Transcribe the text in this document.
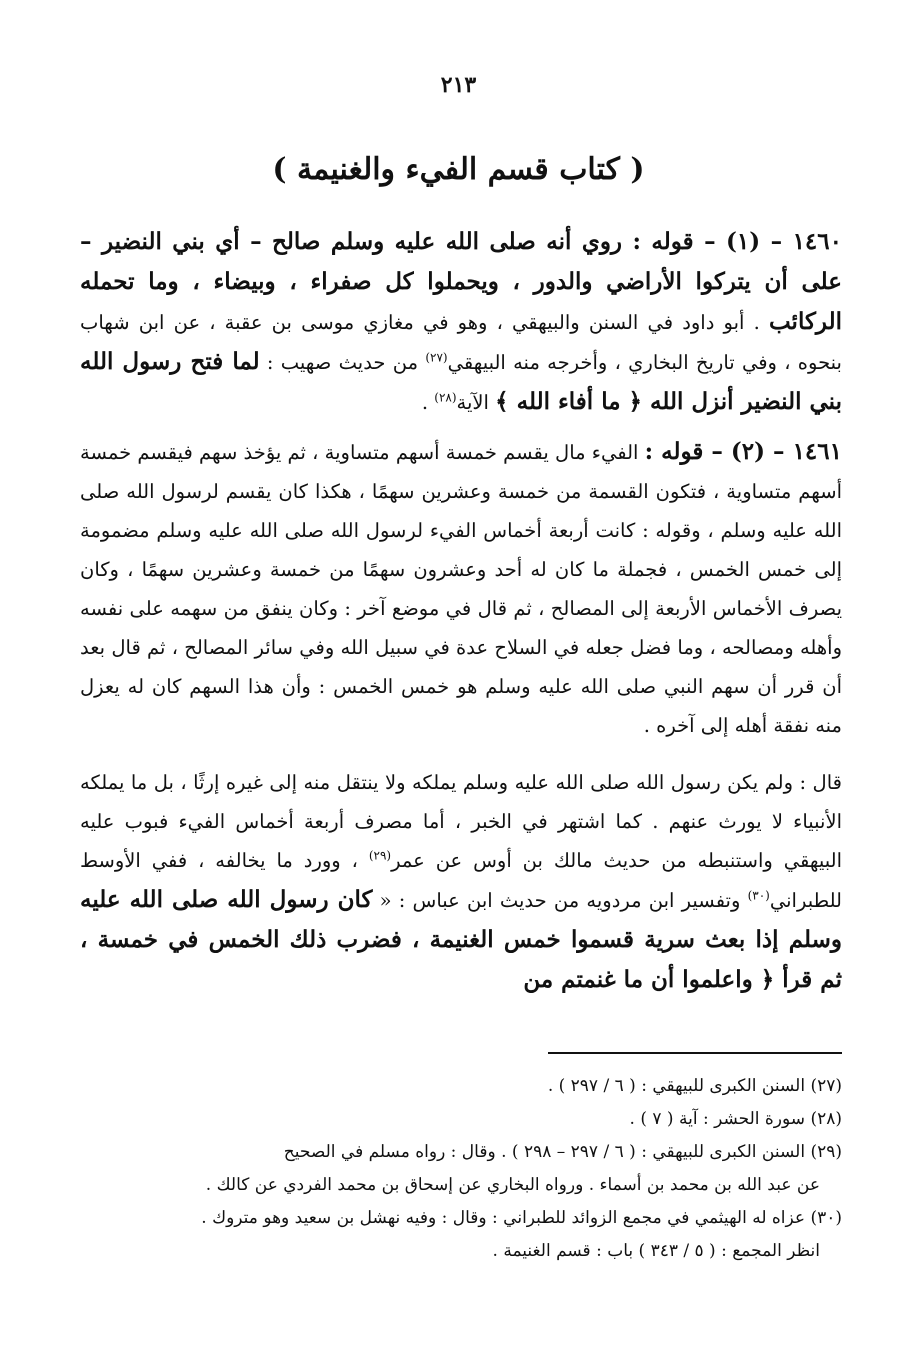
٢١٣
( كتاب قسم الفيء والغنيمة )

١٤٦٠ – (١) – قوله : روي أنه صلى الله عليه وسلم صالح – أي بني النضير – على أن يتركوا الأراضي والدور ، ويحملوا كل صفراء ، وبيضاء ، وما تحمله الركائب . أبو داود في السنن والبيهقي ، وهو في مغازي موسى بن عقبة ، عن ابن شهاب بنحوه ، وفي تاريخ البخاري ، وأخرجه منه البيهقي$^{(٢٧)}$ من حديث صهيب : لما فتح رسول الله بني النضير أنزل الله ﴿ ما أفاء الله ﴾ الآية$^{(٢٨)}$ .

١٤٦١ – (٢) – قوله : الفيء مال يقسم خمسة أسهم متساوية ، ثم يؤخذ سهم فيقسم خمسة أسهم متساوية ، فتكون القسمة من خمسة وعشرين سهمًا ، هكذا كان يقسم لرسول الله صلى الله عليه وسلم ، وقوله : كانت أربعة أخماس الفيء لرسول الله صلى الله عليه وسلم مضمومة إلى خمس الخمس ، فجملة ما كان له أحد وعشرون سهمًا من خمسة وعشرين سهمًا ، وكان يصرف الأخماس الأربعة إلى المصالح ، ثم قال في موضع آخر : وكان ينفق من سهمه على نفسه وأهله ومصالحه ، وما فضل جعله في السلاح عدة في سبيل الله وفي سائر المصالح ، ثم قال بعد أن قرر أن سهم النبي صلى الله عليه وسلم هو خمس الخمس : وأن هذا السهم كان له يعزل منه نفقة أهله إلى آخره .

قال : ولم يكن رسول الله صلى الله عليه وسلم يملكه ولا ينتقل منه إلى غيره إرثًا ، بل ما يملكه الأنبياء لا يورث عنهم . كما اشتهر في الخبر ، أما مصرف أربعة أخماس الفيء فبوب عليه البيهقي واستنبطه من حديث مالك بن أوس عن عمر$^{(٢٩)}$ ، وورد ما يخالفه ، ففي الأوسط للطبراني$^{(٣٠)}$ وتفسير ابن مردويه من حديث ابن عباس : « كان رسول الله صلى الله عليه وسلم إذا بعث سرية قسموا خمس الغنيمة ، فضرب ذلك الخمس في خمسة ، ثم قرأ ﴿ واعلموا أن ما غنمتم من

(٢٧) السنن الكبرى للبيهقي : ( ٦ / ٢٩٧ ) .

(٢٨) سورة الحشر : آية ( ٧ ) .

(٢٩) السنن الكبرى للبيهقي : ( ٦ / ٢٩٧ – ٢٩٨ ) . وقال : رواه مسلم في الصحيح
عن عبد الله بن محمد بن أسماء . ورواه البخاري عن إسحاق بن محمد الفردي عن كالك .

(٣٠) عزاه له الهيثمي في مجمع الزوائد للطبراني : وقال : وفيه نهشل بن سعيد وهو متروك .
انظر المجمع : ( ٥ / ٣٤٣ ) باب : قسم الغنيمة .
